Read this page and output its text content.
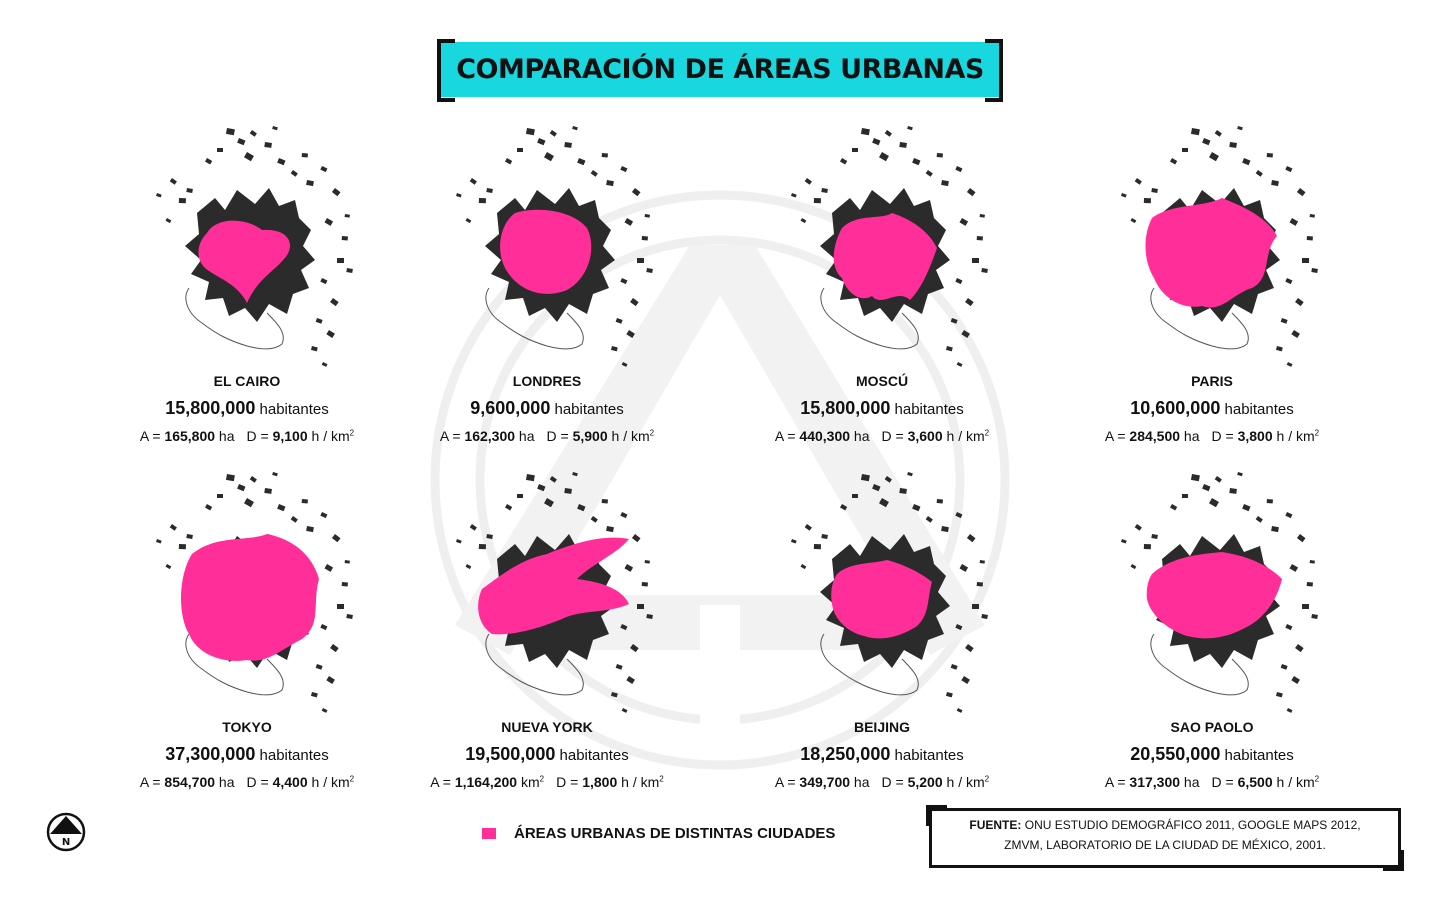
COMPARACIÓN DE ÁREAS URBANAS
EL CAIRO
15,800,000 habitantes
A = 165,800 ha D = 9,100 h / $km^2$
LONDRES
9,600,000 habitantes
A = 162,300 ha D = 5,900 h / $km^2$
MOSCÚ
15,800,000 habitantes
A = 440,300 ha D = 3,600 h / $km^2$
PARIS
10,600,000 habitantes
A = 284,500 ha D = 3,800 h / $km^2$
TOKYO
37,300,000 habitantes
A = 854,700 ha D = 4,400 h / $km^2$
NUEVA YORK
19,500,000 habitantes
A = 1,164,200 $km^2$ D = 1,800 h / $km^2$
BEIJING
18,250,000 habitantes
A = 349,700 ha D = 5,200 h / $km^2$
SAO PAOLO
20,550,000 habitantes
A = 317,300 ha D = 6,500 h / $km^2$
N
ÁREAS URBANAS DE DISTINTAS CIUDADES	FUENTE: ONU ESTUDIO DEMOGRÁFICO 2011, GOOGLE MAPS 2012,
ZMVM, LABORATORIO DE LA CIUDAD DE MÉXICO, 2001.
